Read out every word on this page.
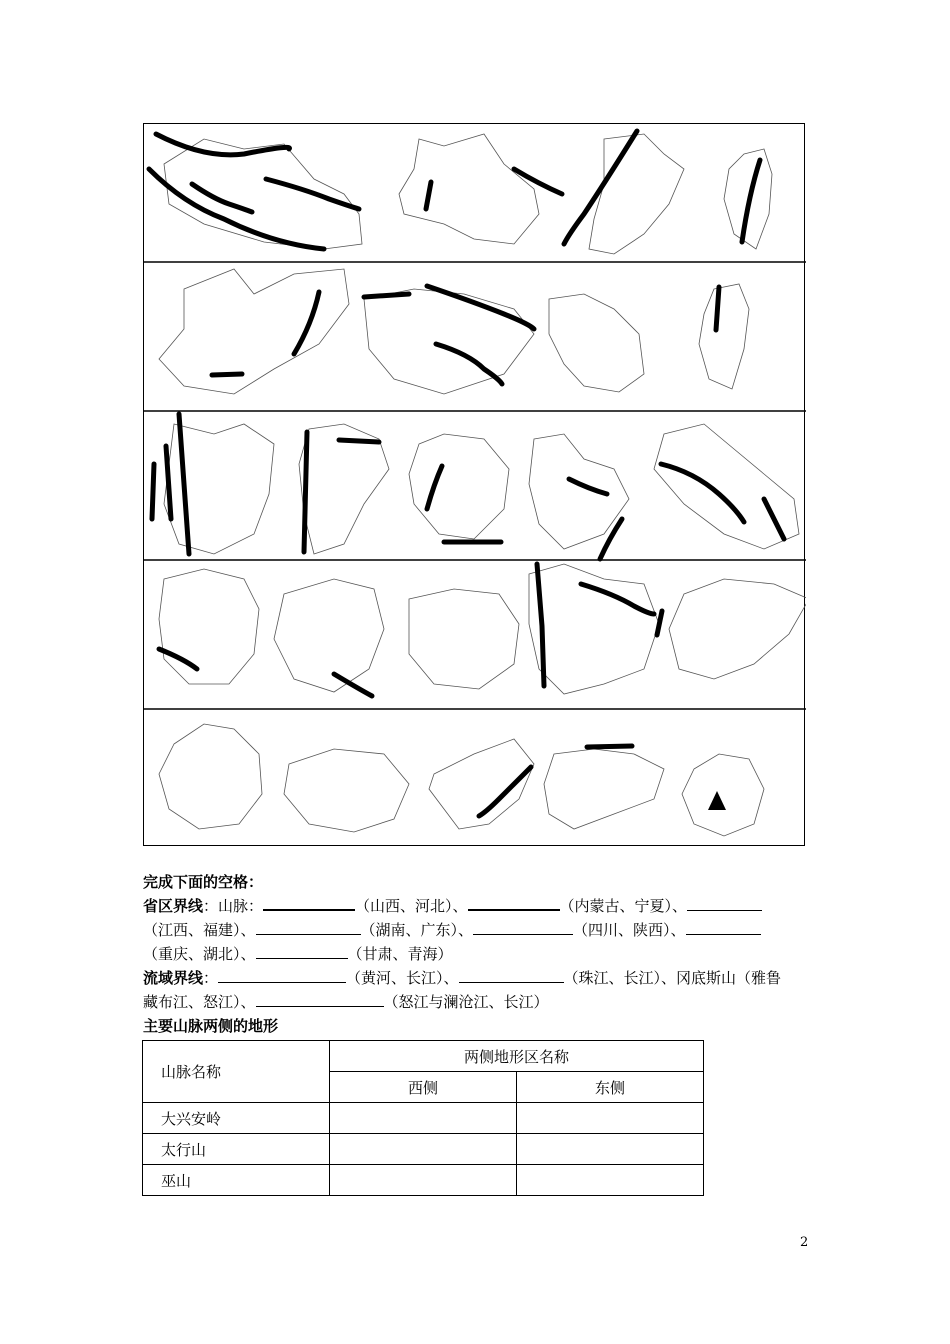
完成下面的空格：
省区界线：山脉：	（山西、河北）、	（内蒙古、宁夏）、
（江西、福建）、	（湖南、广东）、	（四川、陕西）、
（重庆、湖北）、	（甘肃、青海）
流域界线：	（黄河、长江）、	（珠江、长江）、冈底斯山（雅鲁
藏布江、怒江）、	（怒江与澜沧江、长江）
主要山脉两侧的地形
山脉名称	两侧地形区名称	
	西侧	东侧
大兴安岭		
太行山		
巫山		
2
